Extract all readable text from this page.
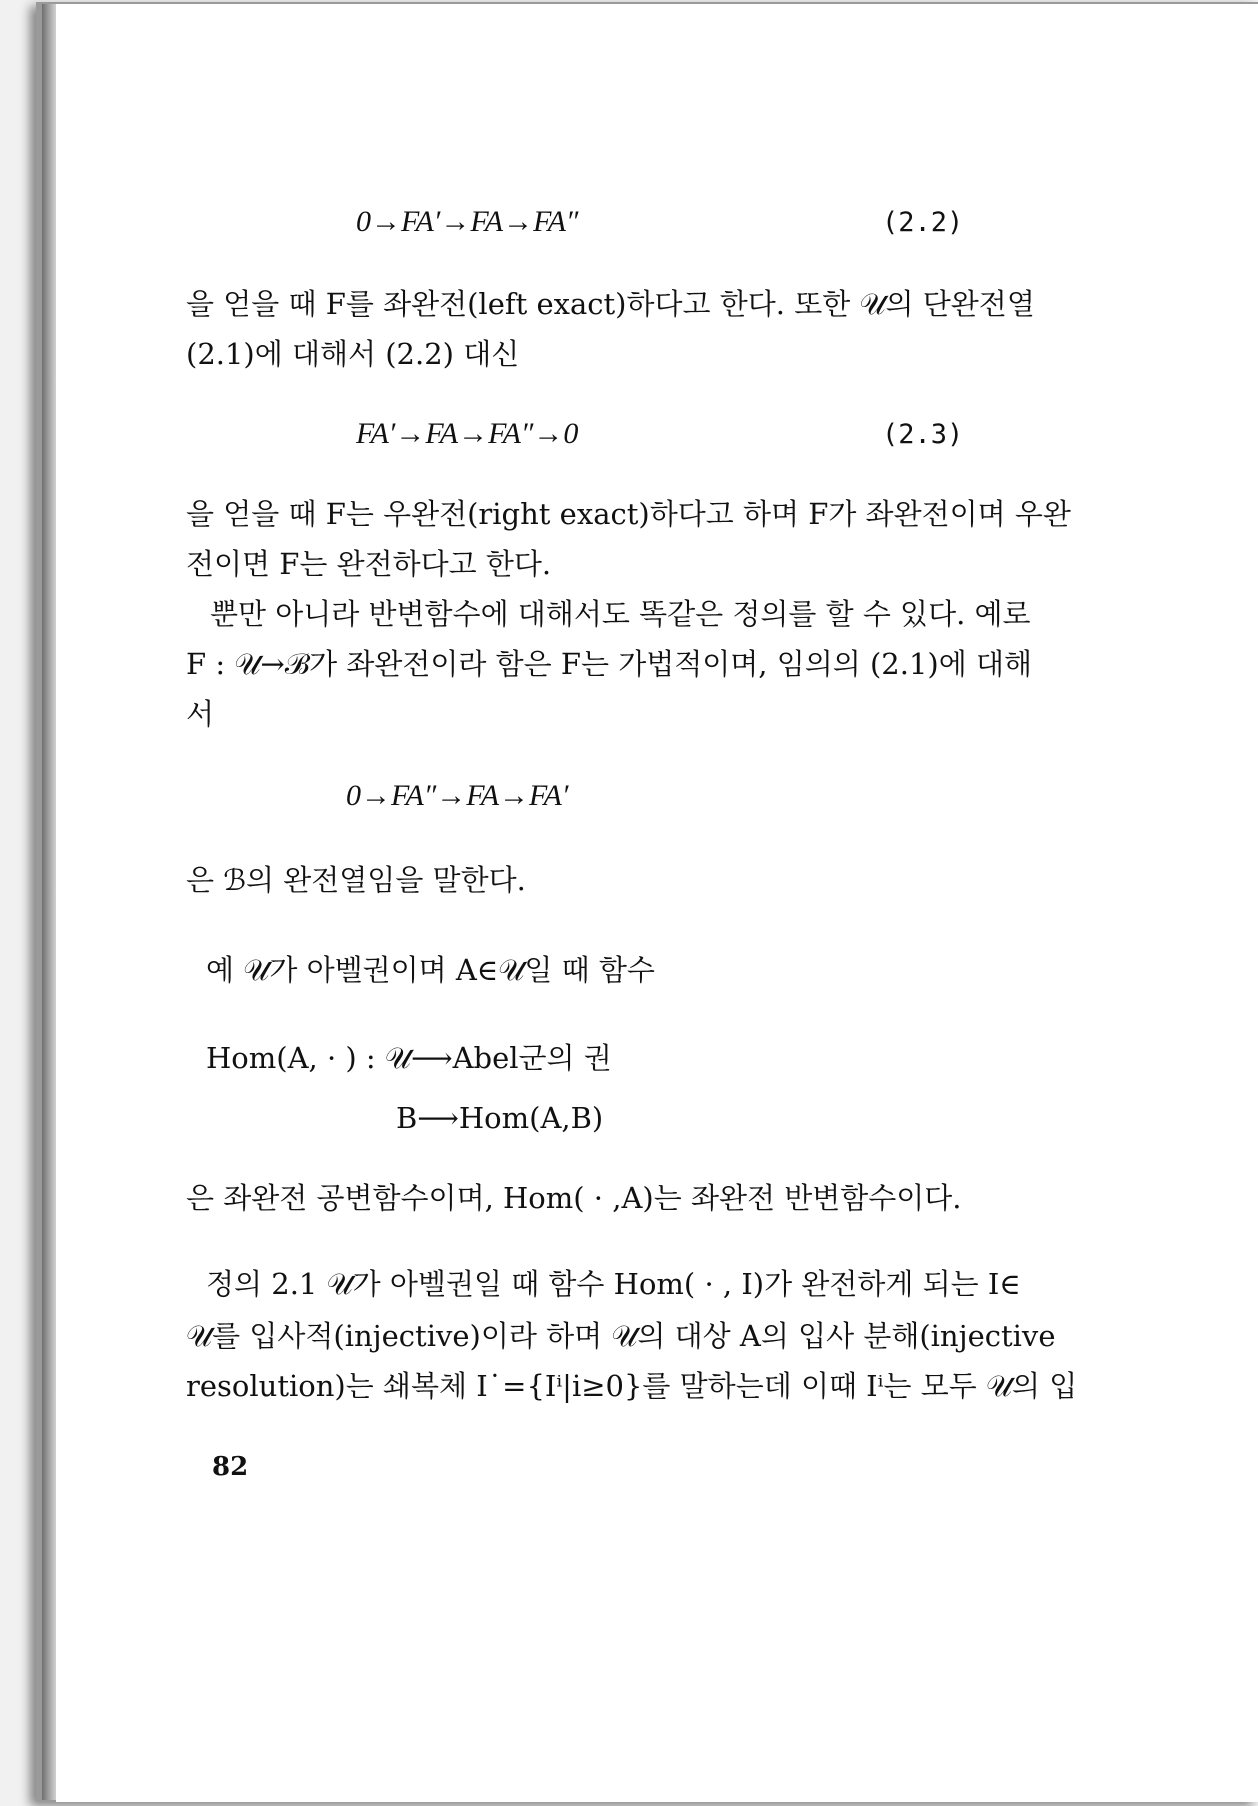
0→FA′→FA→FA″	(2.2)
을 얻을 때 F를 좌완전(left exact)하다고 한다. 또한 𝒰의 단완전열
(2.1)에 대해서 (2.2) 대신
FA′→FA→FA″→0	(2.3)
을 얻을 때 F는 우완전(right exact)하다고 하며 F가 좌완전이며 우완
전이면 F는 완전하다고 한다.
뿐만 아니라 반변함수에 대해서도 똑같은 정의를 할 수 있다. 예로
F : 𝒰→ℬ가 좌완전이라 함은 F는 가법적이며, 임의의 (2.1)에 대해
서
0→FA″→FA→FA′
은 ℬ의 완전열임을 말한다.
예 𝒰가 아벨권이며 A∈𝒰일 때 함수
Hom(A, · ) : 𝒰⟶Abel군의 권
B⟶Hom(A,B)
은 좌완전 공변함수이며, Hom( · ,A)는 좌완전 반변함수이다.
정의 2.1 𝒰가 아벨권일 때 함수 Hom( · , I)가 완전하게 되는 I∈
𝒰를 입사적(injective)이라 하며 𝒰의 대상 A의 입사 분해(injective
resolution)는 쇄복체 I˙={Iⁱ|i≥0}를 말하는데 이때 Iⁱ는 모두 𝒰의 입
82
